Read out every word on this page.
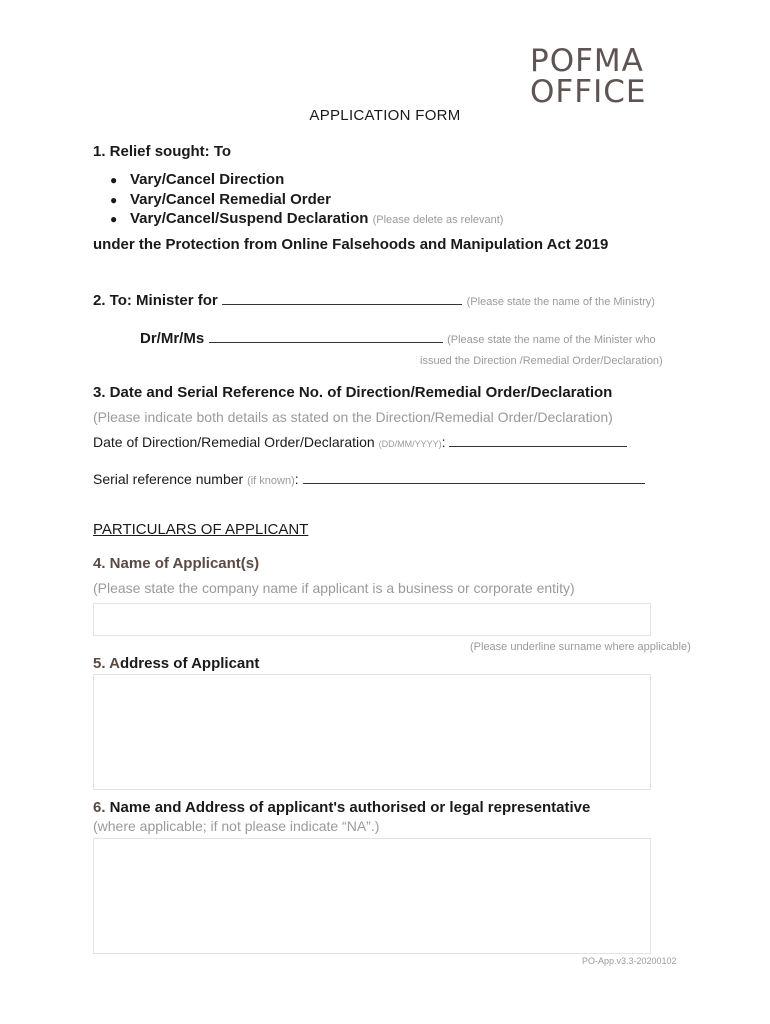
POFMA
OFFICE
APPLICATION FORM
1. Relief sought: To
● Vary/Cancel Direction
● Vary/Cancel Remedial Order
● Vary/Cancel/Suspend Declaration (Please delete as relevant)
under the Protection from Online Falsehoods and Manipulation Act 2019
2. To: Minister for	(Please state the name of the Ministry)
Dr/Mr/Ms	(Please state the name of the Minister who
issued the Direction /Remedial Order/Declaration)
3. Date and Serial Reference No. of Direction/Remedial Order/Declaration
(Please indicate both details as stated on the Direction/Remedial Order/Declaration)
Date of Direction/Remedial Order/Declaration (DD/MM/YYYY):
Serial reference number (if known):
PARTICULARS OF APPLICANT
4. Name of Applicant(s)
(Please state the company name if applicant is a business or corporate entity)
(Please underline surname where applicable)
5. Address of Applicant
6. Name and Address of applicant's authorised or legal representative
(where applicable; if not please indicate “NA”.)
PO-App.v3.3-20200102
